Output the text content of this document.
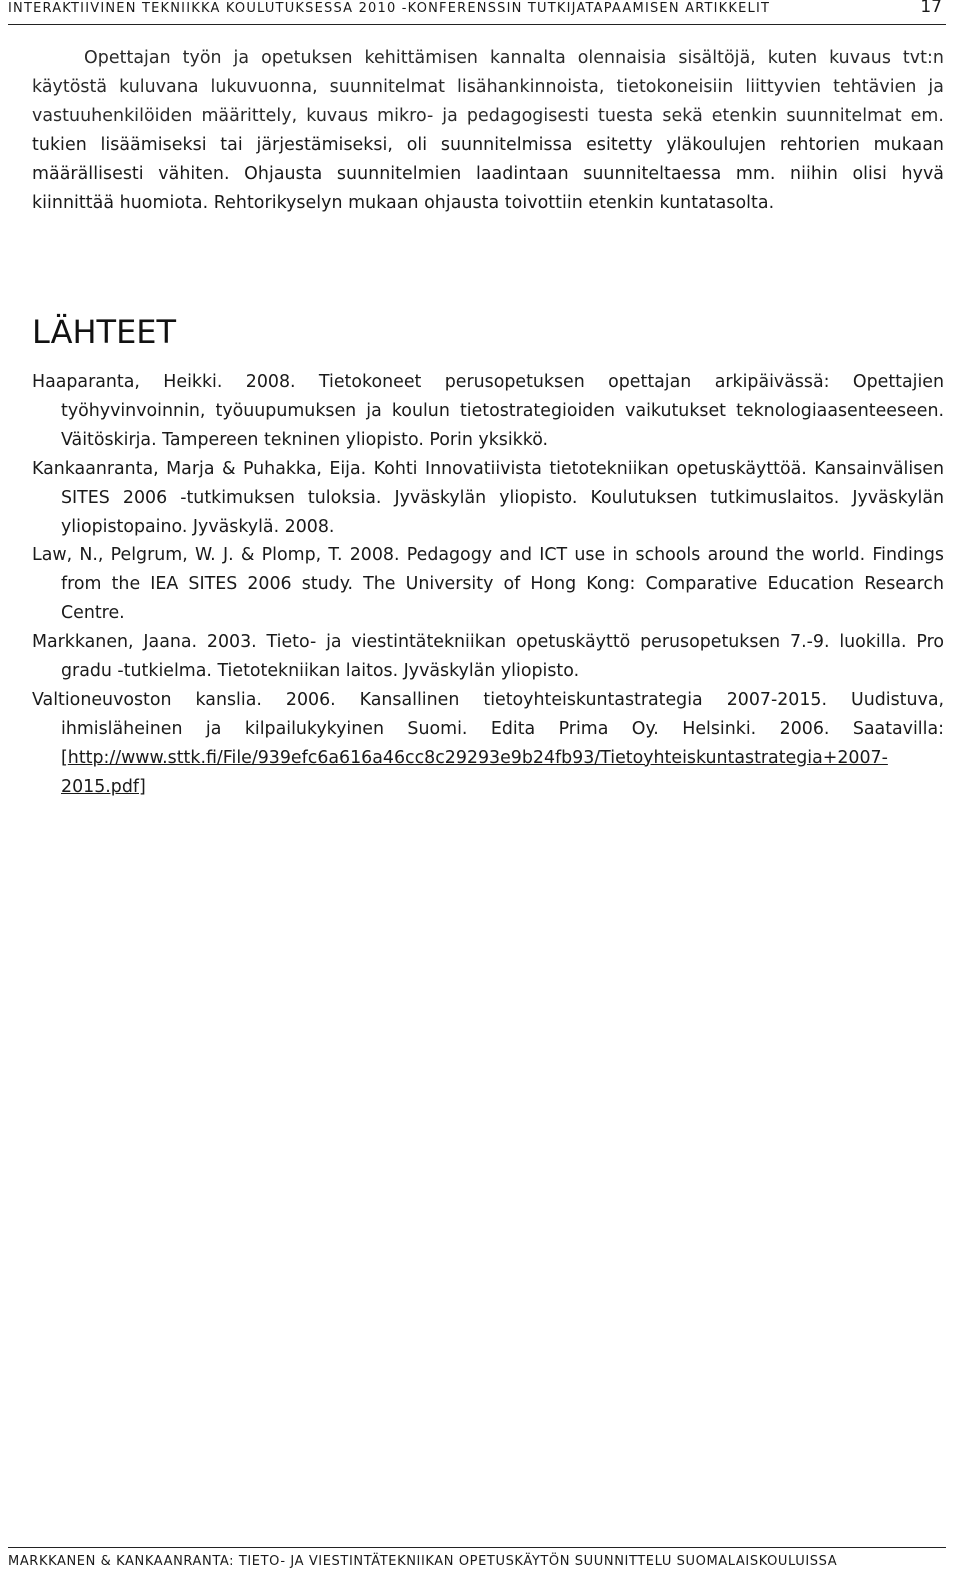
INTERAKTIIVINEN TEKNIIKKA KOULUTUKSESSA 2010 -KONFERENSSIN TUTKIJATAPAAMISEN ARTIKKELIT	17

Opettajan työn ja opetuksen kehittämisen kannalta olennaisia sisältöjä, kuten kuvaus tvt:n käytöstä kuluvana lukuvuonna, suunnitelmat lisähankinnoista, tietokoneisiin liittyvien tehtävien ja vastuuhenkilöiden määrittely, kuvaus mikro- ja pedagogisesti tuesta sekä etenkin suunnitelmat em. tukien lisäämiseksi tai järjestämiseksi, oli suunnitelmissa esitetty yläkoulujen rehtorien mukaan määrällisesti vähiten. Ohjausta suunnitelmien laadintaan suunniteltaessa mm. niihin olisi hyvä kiinnittää huomiota. Rehtorikyselyn mukaan ohjausta toivottiin etenkin kuntatasolta.

LÄHTEET

Haaparanta, Heikki. 2008. Tietokoneet perusopetuksen opettajan arkipäivässä: Opettajien työhyvinvoinnin, työuupumuksen ja koulun tietostrategioiden vaikutukset teknologiaasenteeseen. Väitöskirja. Tampereen tekninen yliopisto. Porin yksikkö.

Kankaanranta, Marja & Puhakka, Eija. Kohti Innovatiivista tietotekniikan opetuskäyttöä. Kansainvälisen SITES 2006 -tutkimuksen tuloksia. Jyväskylän yliopisto. Koulutuksen tutkimuslaitos. Jyväskylän yliopistopaino. Jyväskylä. 2008.

Law, N., Pelgrum, W. J. & Plomp, T. 2008. Pedagogy and ICT use in schools around the world. Findings from the IEA SITES 2006 study. The University of Hong Kong: Comparative Education Research Centre.

Markkanen, Jaana. 2003. Tieto- ja viestintätekniikan opetuskäyttö perusopetuksen 7.-9. luokilla. Pro gradu -tutkielma. Tietotekniikan laitos. Jyväskylän yliopisto.

Valtioneuvoston kanslia. 2006. Kansallinen tietoyhteiskuntastrategia 2007-2015. Uudistuva, ihmisläheinen ja kilpailukykyinen Suomi. Edita Prima Oy. Helsinki. 2006. Saatavilla: [http://www.sttk.fi/File/939efc6a616a46cc8c29293e9b24fb93/Tietoyhteiskuntastrategia+2007-2015.pdf]

MARKKANEN & KANKAANRANTA: TIETO- JA VIESTINTÄTEKNIIKAN OPETUSKÄYTÖN SUUNNITTELU SUOMALAISKOULUISSA
